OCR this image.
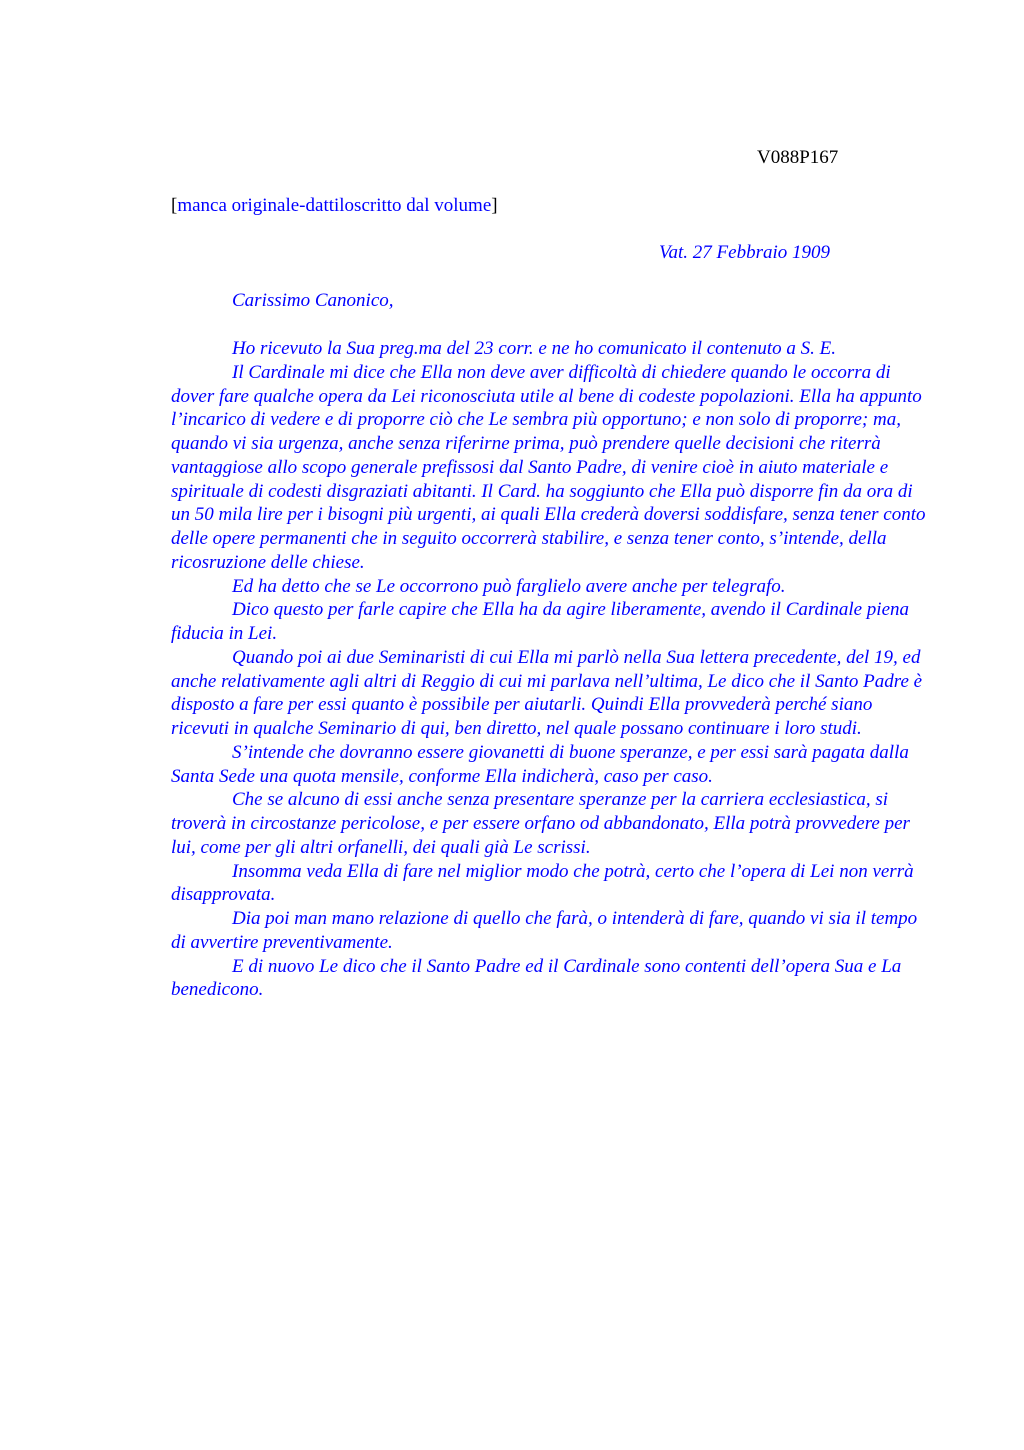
V088P167
[manca originale-dattiloscritto dal volume]
Vat. 27 Febbraio 1909
Carissimo Canonico,

Ho ricevuto la Sua preg.ma del 23 corr. e ne ho comunicato il contenuto a S. E.

Il Cardinale mi dice che Ella non deve aver difficoltà di chiedere quando le occorra di dover fare qualche opera da Lei riconosciuta utile al bene di codeste popolazioni. Ella ha appunto l’incarico di vedere e di proporre ciò che Le sembra più opportuno; e non solo di proporre; ma, quando vi sia urgenza, anche senza riferirne prima, può prendere quelle decisioni che riterrà vantaggiose allo scopo generale prefissosi dal Santo Padre, di venire cioè in aiuto materiale e spirituale di codesti disgraziati abitanti. Il Card. ha soggiunto che Ella può disporre fin da ora di un 50 mila lire per i bisogni più urgenti, ai quali Ella crederà doversi soddisfare, senza tener conto delle opere permanenti che in seguito occorrerà stabilire, e senza tener conto, s’intende, della ricosruzione delle chiese.

Ed ha detto che se Le occorrono può farglielo avere anche per telegrafo.

Dico questo per farle capire che Ella ha da agire liberamente, avendo il Cardinale piena fiducia in Lei.

Quando poi ai due Seminaristi di cui Ella mi parlò nella Sua lettera precedente, del 19, ed anche relativamente agli altri di Reggio di cui mi parlava nell’ultima, Le dico che il Santo Padre è disposto a fare per essi quanto è possibile per aiutarli. Quindi Ella provvederà perché siano ricevuti in qualche Seminario di qui, ben diretto, nel quale possano continuare i loro studi.

S’intende che dovranno essere giovanetti di buone speranze, e per essi sarà pagata dalla Santa Sede una quota mensile, conforme Ella indicherà, caso per caso.

Che se alcuno di essi anche senza presentare speranze per la carriera ecclesiastica, si troverà in circostanze pericolose, e per essere orfano od abbandonato, Ella potrà provvedere per lui, come per gli altri orfanelli, dei quali già Le scrissi.

Insomma veda Ella di fare nel miglior modo che potrà, certo che l’opera di Lei non verrà disapprovata.

Dia poi man mano relazione di quello che farà, o intenderà di fare, quando vi sia il tempo di avvertire preventivamente.

E di nuovo Le dico che il Santo Padre ed il Cardinale sono contenti dell’opera Sua e La benedicono.
